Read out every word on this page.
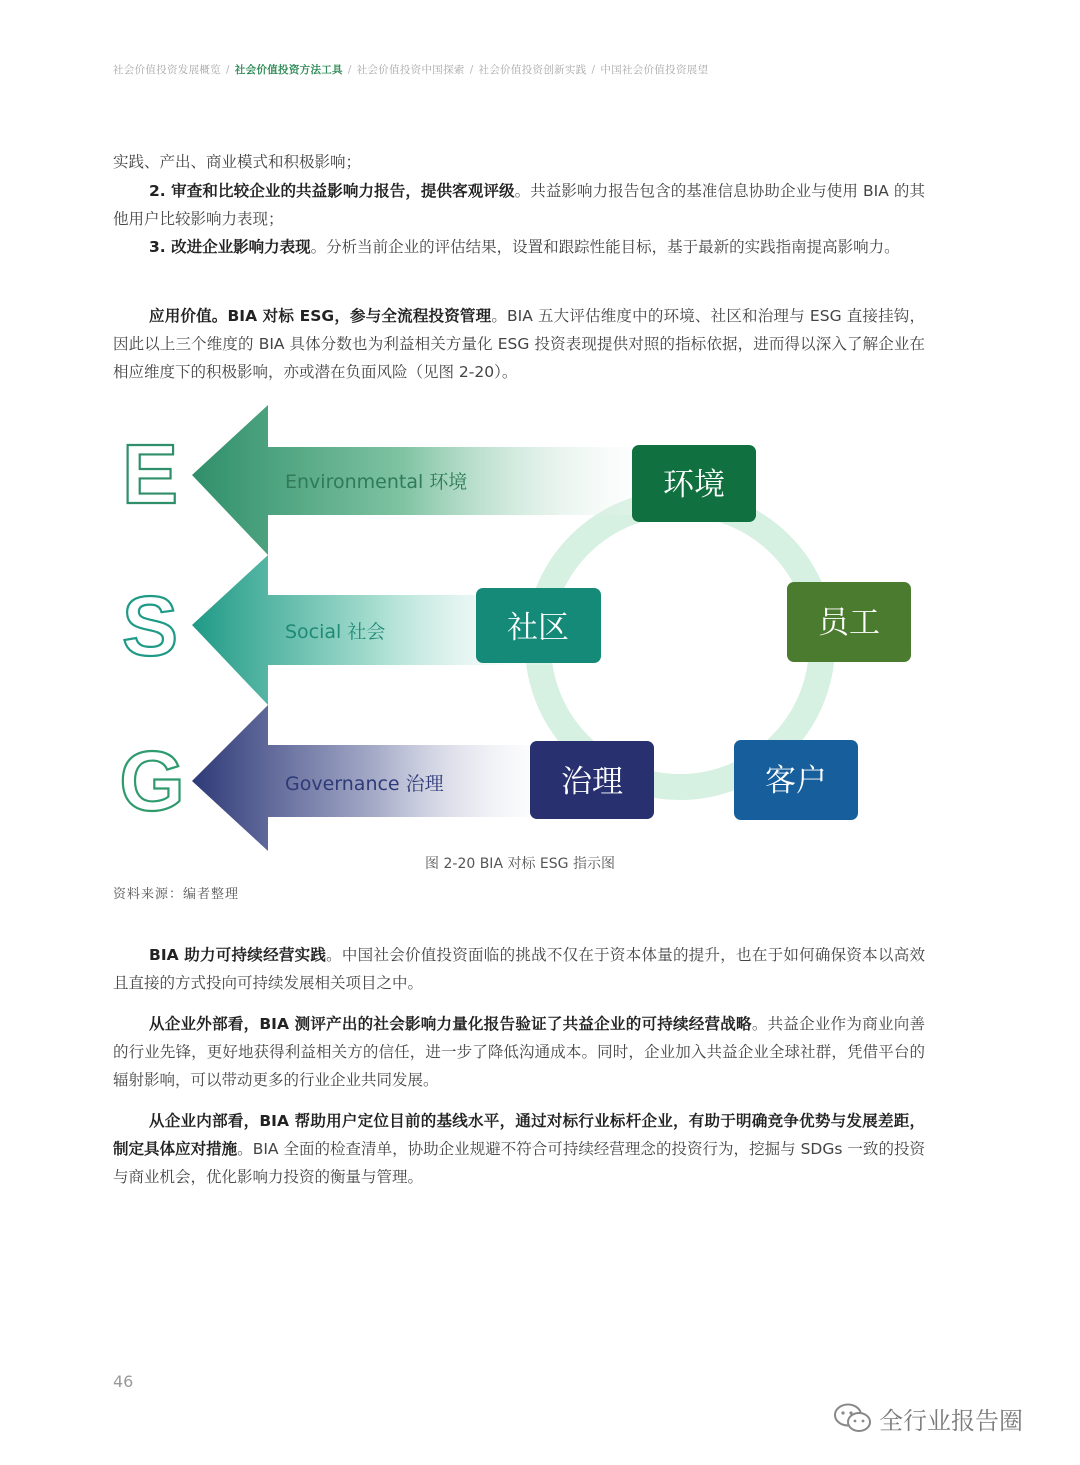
社会价值投资发展概览 / 社会价值投资方法工具 / 社会价值投资中国探索 / 社会价值投资创新实践 / 中国社会价值投资展望

实践、产出、商业模式和积极影响；

2. 审查和比较企业的共益影响力报告，提供客观评级。共益影响力报告包含的基准信息协助企业与使用 BIA 的其他用户比较影响力表现；

3. 改进企业影响力表现。分析当前企业的评估结果，设置和跟踪性能目标，基于最新的实践指南提高影响力。

应用价值。BIA 对标 ESG，参与全流程投资管理。BIA 五大评估维度中的环境、社区和治理与 ESG 直接挂钩，因此以上三个维度的 BIA 具体分数也为利益相关方量化 ESG 投资表现提供对照的指标依据，进而得以深入了解企业在相应维度下的积极影响，亦或潜在负面风险（见图 2-20）。

E
S
G
Environmental 环境
Social 社会
Governance 治理
环境
员工
社区
客户
治理
图 2-20 BIA 对标 ESG 指示图
资料来源：编者整理

BIA 助力可持续经营实践。中国社会价值投资面临的挑战不仅在于资本体量的提升，也在于如何确保资本以高效且直接的方式投向可持续发展相关项目之中。

从企业外部看，BIA 测评产出的社会影响力量化报告验证了共益企业的可持续经营战略。共益企业作为商业向善的行业先锋，更好地获得利益相关方的信任，进一步了降低沟通成本。同时，企业加入共益企业全球社群，凭借平台的辐射影响，可以带动更多的行业企业共同发展。

从企业内部看，BIA 帮助用户定位目前的基线水平，通过对标行业标杆企业，有助于明确竞争优势与发展差距，制定具体应对措施。BIA 全面的检查清单，协助企业规避不符合可持续经营理念的投资行为，挖掘与 SDGs 一致的投资与商业机会，优化影响力投资的衡量与管理。

46
全行业报告圈
